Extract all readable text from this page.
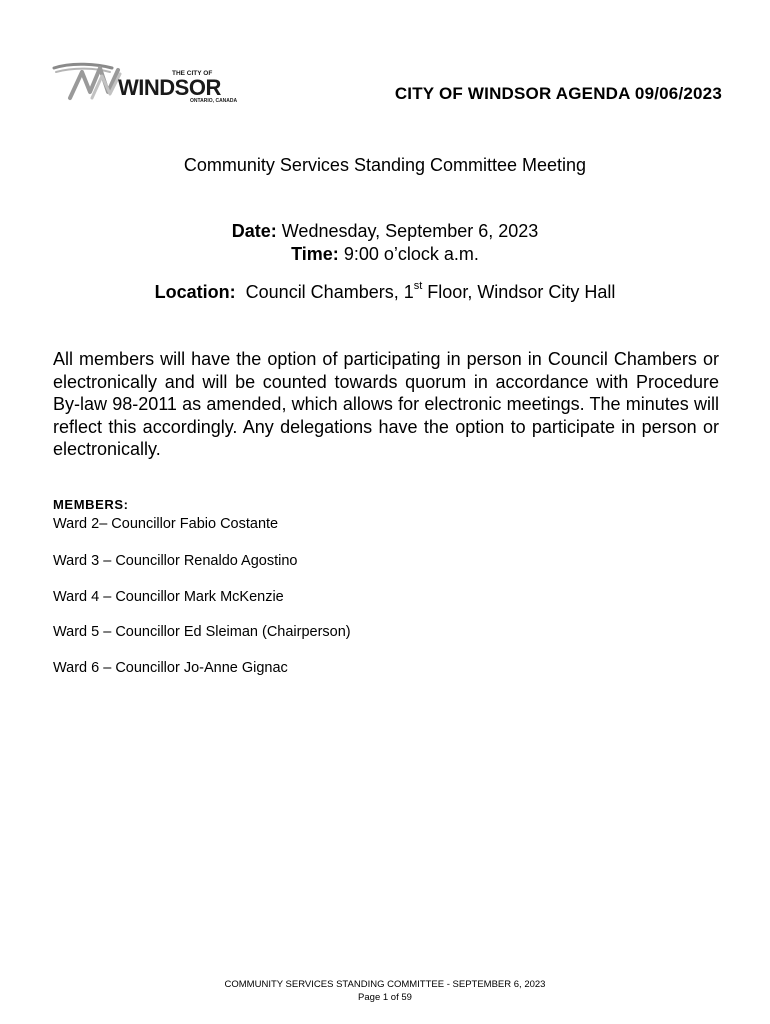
THE CITY OF
WINDSOR
ONTARIO, CANADA	CITY OF WINDSOR AGENDA 09/06/2023
Community Services Standing Committee Meeting
Date: Wednesday, September 6, 2023
Time: 9:00 o’clock a.m.
Location: Council Chambers, 1st Floor, Windsor City Hall
All members will have the option of participating in person in Council Chambers or electronically and will be counted towards quorum in accordance with Procedure By-law 98-2011 as amended, which allows for electronic meetings. The minutes will reflect this accordingly. Any delegations have the option to participate in person or electronically.
MEMBERS:
Ward 2– Councillor Fabio Costante
Ward 3 – Councillor Renaldo Agostino
Ward 4 – Councillor Mark McKenzie
Ward 5 – Councillor Ed Sleiman (Chairperson)
Ward 6 – Councillor Jo-Anne Gignac
COMMUNITY SERVICES STANDING COMMITTEE - SEPTEMBER 6, 2023
Page 1 of 59
